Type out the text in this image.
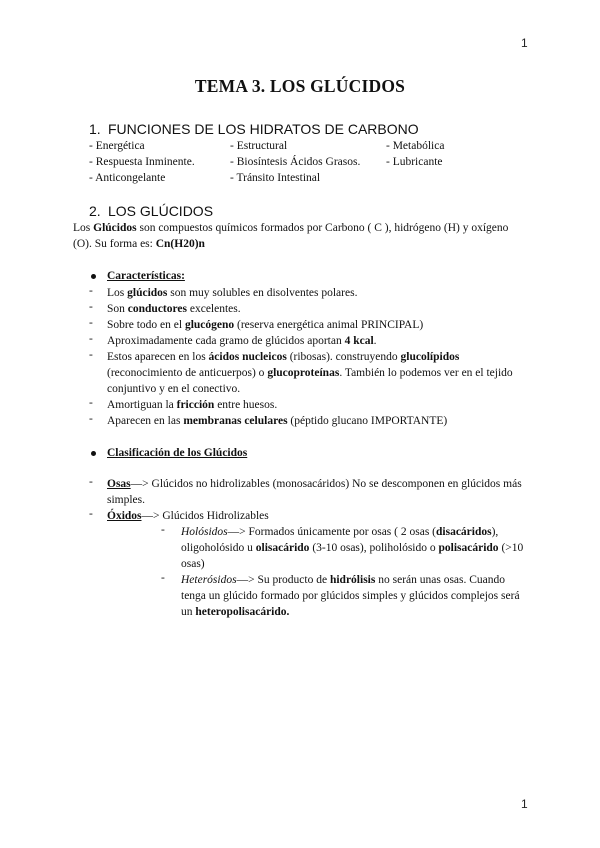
1
TEMA 3. LOS GLÚCIDOS
1. FUNCIONES DE LOS HIDRATOS DE CARBONO
- Energética	- Estructural	- Metabólica
- Respuesta Inminente.	- Biosíntesis Ácidos Grasos. - Lubricante
- Anticongelante	- Tránsito Intestinal
2. LOS GLÚCIDOS
Los Glúcidos son compuestos químicos formados por Carbono ( C ), hidrógeno (H) y oxígeno (O). Su forma es: Cn(H20)n
Características:
- Los glúcidos son muy solubles en disolventes polares.
- Son conductores excelentes.
- Sobre todo en el glucógeno (reserva energética animal PRINCIPAL)
- Aproximadamente cada gramo de glúcidos aportan 4 kcal.
- Estos aparecen en los ácidos nucleicos (ribosas). construyendo glucolípidos (reconocimiento de anticuerpos) o glucoproteínas. También lo podemos ver en el tejido conjuntivo y en el conectivo.
- Amortiguan la fricción entre huesos.
- Aparecen en las membranas celulares (péptido glucano IMPORTANTE)
Clasificación de los Glúcidos
- Osas—> Glúcidos no hidrolizables (monosacáridos) No se descomponen en glúcidos más simples.
- Óxidos—> Glúcidos Hidrolizables
- Holósidos—> Formados únicamente por osas ( 2 osas (disacáridos), oligoholósido u olisacárido (3-10 osas), poliholósido o polisacárido (>10 osas)
- Heterósidos—> Su producto de hidrólisis no serán unas osas. Cuando tenga un glúcido formado por glúcidos simples y glúcidos complejos será un heteropolisacárido.
1
